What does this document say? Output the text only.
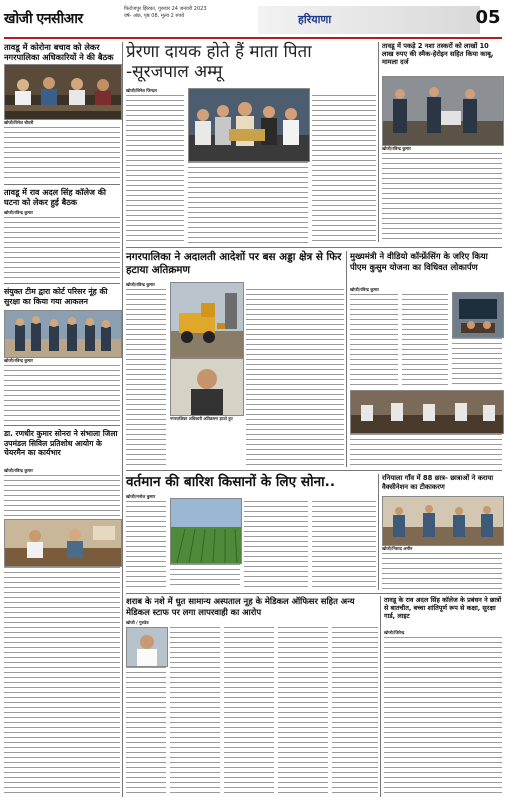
खोजी एनसीआर
फिरोजपुर झिरका, गुरुवार 24 जनवरी 2023
वर्ष- अंक, पृष्ठ 08, मूल्य 2 रुपये	हरियाणा	05
तावडू में कोरोना बचाव को लेकर नगरपालिका अधिकारियों ने की बैठक
खोजी/विनेश चौधरी
तावडू में राव अदल सिंह कॉलेज की घटना को लेकर हुई बैठक
खोजी/रविन्द्र कुमार
संयुक्त टीम द्वारा कोर्ट परिसर नूंह की सुरक्षा का किया गया आकलन
खोजी/रविन्द्र कुमार
डा. रणधीर कुमार सोनरा ने संभाला जिला उपमंडल सिविल प्रतिशोध आयोग के चेयरमैन का कार्यभार
खोजी/रविन्द्र कुमार
प्रेरणा दायक होते हैं माता पिता -सूरजपाल अम्मू
खोजी/विनेश जिन्दल
तावडू में पकड़े 2 नशा तस्करों को लाखों 10 लाख रुपए की स्मैक-हेरोइन सहित किया काबू, मामला दर्ज
खोजी/रविन्द्र कुमार
नगरपालिका ने अदालती आदेशों पर बस अड्डा क्षेत्र से फिर हटाया अतिक्रमण
खोजी/रविन्द्र कुमार
नगरपालिका अधिकारी अतिक्रमण हटाते हुए
मुख्यमंत्री ने वीडियो कॉन्फ्रेंसिंग के जरिए किया पीएम कुसुम योजना का विधिवत लोकार्पण
खोजी/रविन्द्र कुमार
वर्तमान की बारिश किसानों के लिए सोना..
खोजी/मनोज कुमार
रनियाला गाँव में 88 छात्र- छात्राओं ने कराया वैक्सीनेशन का टीकाकरण
खोजी/निशाद अमीन
शराब के नशे में धुत सामान्य अस्पताल नूह के मेडिकल ऑफिसर सहित अन्य मेडिकल स्टाफ पर लगा लापरवाही का आरोप
खोजी / गुरुदेव
तावडू के राव अदल सिंह कॉलेज के प्रबंधन ने छात्रों से बातचीत, बच्चा शांतिपूर्ण रूप से कक्षा, सुरक्षा गार्ड, लाइट
खोजी/जितेन्द्र
